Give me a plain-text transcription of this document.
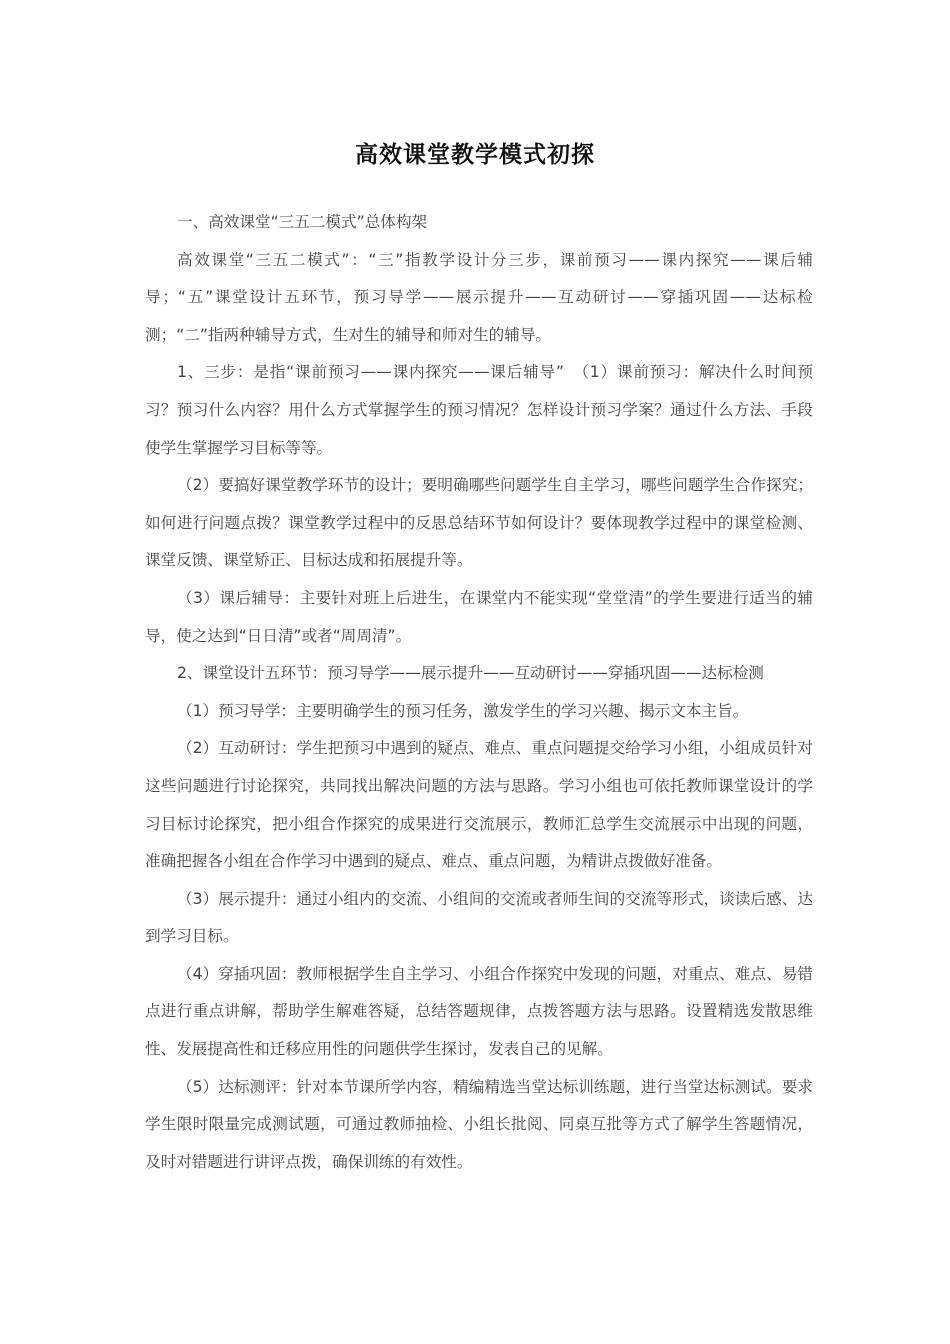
高效课堂教学模式初探

一、高效课堂“三五二模式”总体构架

高效课堂“三五二模式”：“三”指教学设计分三步，课前预习——课内探究——课后辅导；“五”课堂设计五环节，预习导学——展示提升——互动研讨——穿插巩固——达标检测；“二”指两种辅导方式，生对生的辅导和师对生的辅导。

1、三步：是指“课前预习——课内探究——课后辅导”　（1）课前预习：解决什么时间预习？预习什么内容？用什么方式掌握学生的预习情况？怎样设计预习学案？通过什么方法、手段使学生掌握学习目标等等。

（2）要搞好课堂教学环节的设计；要明确哪些问题学生自主学习，哪些问题学生合作探究；如何进行问题点拨？课堂教学过程中的反思总结环节如何设计？要体现教学过程中的课堂检测、课堂反馈、课堂矫正、目标达成和拓展提升等。

（3）课后辅导：主要针对班上后进生，在课堂内不能实现“堂堂清”的学生要进行适当的辅导，使之达到“日日清”或者“周周清”。

2、课堂设计五环节：预习导学——展示提升——互动研讨——穿插巩固——达标检测

（1）预习导学：主要明确学生的预习任务，激发学生的学习兴趣、揭示文本主旨。

（2）互动研讨：学生把预习中遇到的疑点、难点、重点问题提交给学习小组，小组成员针对这些问题进行讨论探究，共同找出解决问题的方法与思路。学习小组也可依托教师课堂设计的学习目标讨论探究，把小组合作探究的成果进行交流展示，教师汇总学生交流展示中出现的问题，准确把握各小组在合作学习中遇到的疑点、难点、重点问题，为精讲点拨做好准备。

（3）展示提升：通过小组内的交流、小组间的交流或者师生间的交流等形式，谈读后感、达到学习目标。

（4）穿插巩固：教师根据学生自主学习、小组合作探究中发现的问题，对重点、难点、易错点进行重点讲解，帮助学生解难答疑，总结答题规律，点拨答题方法与思路。设置精选发散思维性、发展提高性和迁移应用性的问题供学生探讨，发表自己的见解。

（5）达标测评：针对本节课所学内容，精编精选当堂达标训练题，进行当堂达标测试。要求学生限时限量完成测试题，可通过教师抽检、小组长批阅、同桌互批等方式了解学生答题情况，及时对错题进行讲评点拨，确保训练的有效性。
